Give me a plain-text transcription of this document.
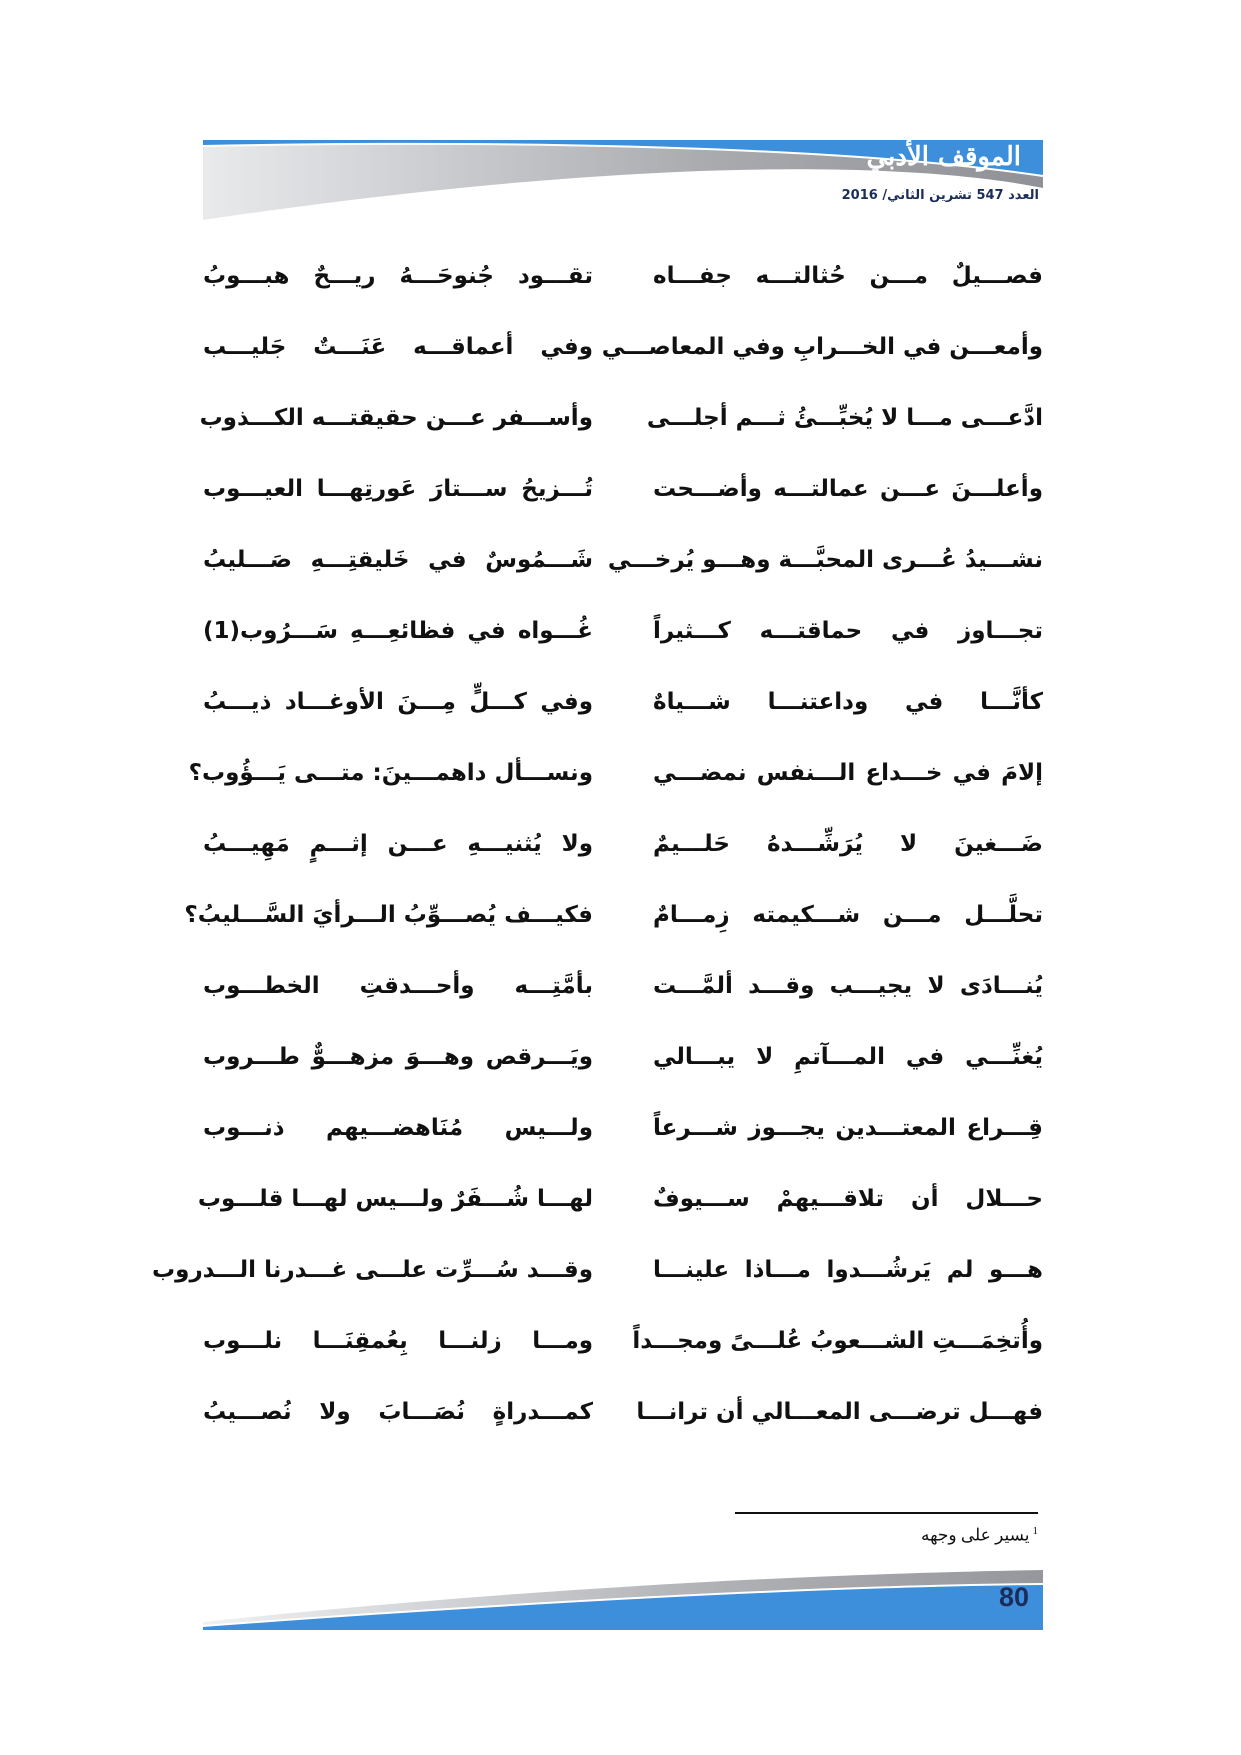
الموقف الأدبي
العدد 547 تشرين الثاني/ 2016
فصـــيلٌ مـــن حُثالتـــه جفـــاه
تقـــود جُنوحَـــهُ ريـــحٌ هبـــوبُ
وأمعـــن في الخـــرابِ وفي المعاصـــي
وفي أعماقـــه عَنَـــتٌ جَليـــب
ادَّعـــى مـــا لا يُخبِّـــئُ ثـــم أجلـــى
وأســـفر عـــن حقيقتـــه الكـــذوب
وأعلـــنَ عـــن عمالتـــه وأضـــحت
تُـــزيحُ ســـتارَ عَورتِهـــا العيـــوب
نشـــيدُ عُـــرى المحبَّـــة وهـــو يُرخـــي
شَـــمُوسٌ في خَليقتِـــهِ صَـــليبُ
تجـــاوز في حماقتـــه كـــثيراً
غُـــواه في فظائعِـــهِ سَـــرُوب(1)
كأنَّـــا في وداعتنـــا شـــياهٌ
وفي كـــلٍّ مِـــنَ الأوغـــاد ذيـــبُ
إلامَ في خـــداع الـــنفس نمضـــي
ونســـأل داهمـــينَ: متـــى يَـــؤُوب؟
ضَـــغينَ لا يُرَشِّـــدهُ حَلـــيمٌ
ولا يُثنيـــهِ عـــن إثـــمٍ مَهِيـــبُ
تحلَّـــل مـــن شـــكيمته زِمـــامٌ
فكيـــف يُصـــوِّبُ الـــرأيَ السَّـــليبُ؟
يُنـــادَى لا يجيـــب وقـــد ألمَّـــت
بأمَّتِـــه وأحـــدقتِ الخطـــوب
يُغنِّـــي في المـــآتمِ لا يبـــالي
ويَـــرقص وهـــوَ مزهـــوٌّ طـــروب
قِـــراع المعتـــدين يجـــوز شـــرعاً
ولـــيس مُنَاهضـــيهم ذنـــوب
حـــلال أن تلاقـــيهمْ ســـيوفٌ
لهـــا شُـــفَرٌ ولـــيس لهـــا قلـــوب
هـــو لم يَرشُـــدوا مـــاذا علينـــا
وقـــد سُـــرِّت علـــى غـــدرنا الـــدروب
وأُتخِمَـــتِ الشـــعوبُ عُلـــىً ومجـــداً
ومـــا زلنـــا بِعُمقِنَـــا نلـــوب
فهـــل ترضـــى المعـــالي أن ترانـــا
كمـــدراةٍ نُصَـــابَ ولا نُصـــيبُ
$^1$يسير على وجهه
80
